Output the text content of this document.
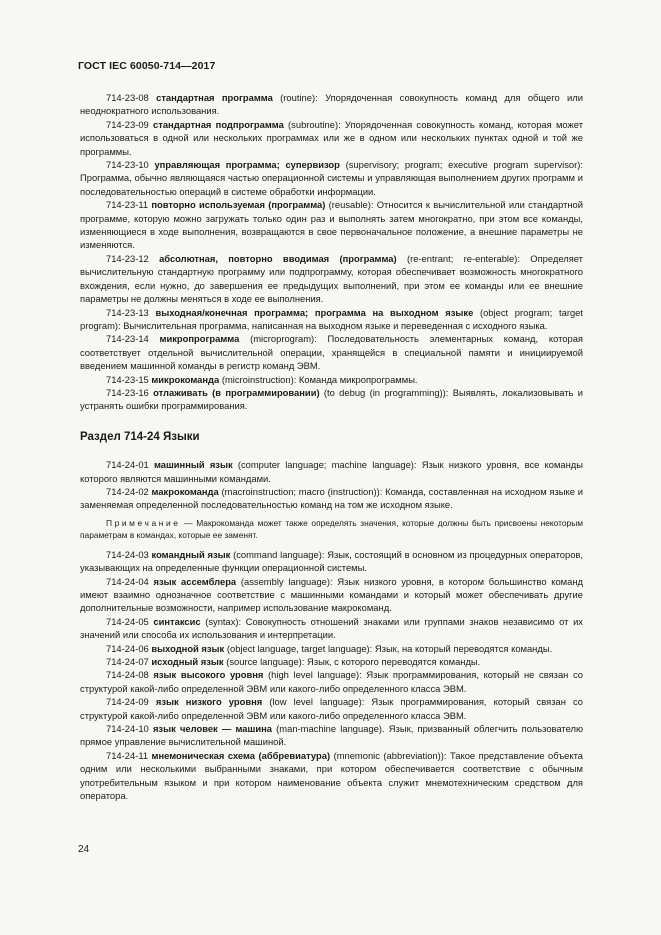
ГОСТ IEC 60050-714—2017

714-23-08 стандартная программа (routine): Упорядоченная совокупность команд для общего или неоднократного использования.

714-23-09 стандартная подпрограмма (subroutine): Упорядоченная совокупность команд, которая может использоваться в одной или нескольких программах или же в одном или нескольких пунктах одной и той же программы.

714-23-10 управляющая программа; супервизор (supervisory; program; executive program supervisor): Программа, обычно являющаяся частью операционной системы и управляющая выполнением других программ и последовательностью операций в системе обработки информации.

714-23-11 повторно используемая (программа) (reusable): Относится к вычислительной или стандартной программе, которую можно загружать только один раз и выполнять затем многократно, при этом все команды, изменяющиеся в ходе выполнения, возвращаются в свое первоначальное положение, а внешние параметры не изменяются.

714-23-12 абсолютная, повторно вводимая (программа) (re-entrant; re-enterable): Определяет вычислительную стандартную программу или подпрограмму, которая обеспечивает возможность многократного вхождения, если нужно, до завершения ее предыдущих выполнений, при этом ее команды или ее внешние параметры не должны меняться в ходе ее выполнения.

714-23-13 выходная/конечная программа; программа на выходном языке (object program; target program): Вычислительная программа, написанная на выходном языке и переведенная с исходного языка.

714-23-14 микропрограмма (microprogram): Последовательность элементарных команд, которая соответствует отдельной вычислительной операции, хранящейся в специальной памяти и инициируемой введением машинной команды в регистр команд ЭВМ.

714-23-15 микрокоманда (microinstruction): Команда микропрограммы.

714-23-16 отлаживать (в программировании) (to debug (in programming)): Выявлять, локализовывать и устранять ошибки программирования.

Раздел 714-24 Языки

714-24-01 машинный язык (computer language; machine language): Язык низкого уровня, все команды которого являются машинными командами.

714-24-02 макрокоманда (macroinstruction; macro (instruction)): Команда, составленная на исходном языке и заменяемая определенной последовательностью команд на том же исходном языке.

Примечание — Макрокоманда может также определять значения, которые должны быть присвоены некоторым параметрам в командах, которые ее заменят.

714-24-03 командный язык (command language): Язык, состоящий в основном из процедурных операторов, указывающих на определенные функции операционной системы.

714-24-04 язык ассемблера (assembly language): Язык низкого уровня, в котором большинство команд имеют взаимно однозначное соответствие с машинными командами и который может обеспечивать другие дополнительные возможности, например использование макрокоманд.

714-24-05 синтаксис (syntax): Совокупность отношений знаками или группами знаков независимо от их значений или способа их использования и интерпретации.

714-24-06 выходной язык (object language, target language): Язык, на который переводятся команды.

714-24-07 исходный язык (source language): Язык, с которого переводятся команды.

714-24-08 язык высокого уровня (high level language): Язык программирования, который не связан со структурой какой-либо определенной ЭВМ или какого-либо определенного класса ЭВМ.

714-24-09 язык низкого уровня (low level language): Язык программирования, который связан со структурой какой-либо определенной ЭВМ или какого-либо определенного класса ЭВМ.

714-24-10 язык человек — машина (man-machine language). Язык, призванный облегчить пользователю прямое управление вычислительной машиной.

714-24-11 мнемоническая схема (аббревиатура) (mnemonic (abbreviation)): Такое представление объекта одним или несколькими выбранными знаками, при котором обеспечивается соответствие с обычным употребительным языком и при котором наименование объекта служит мнемотехническим средством для оператора.

24
